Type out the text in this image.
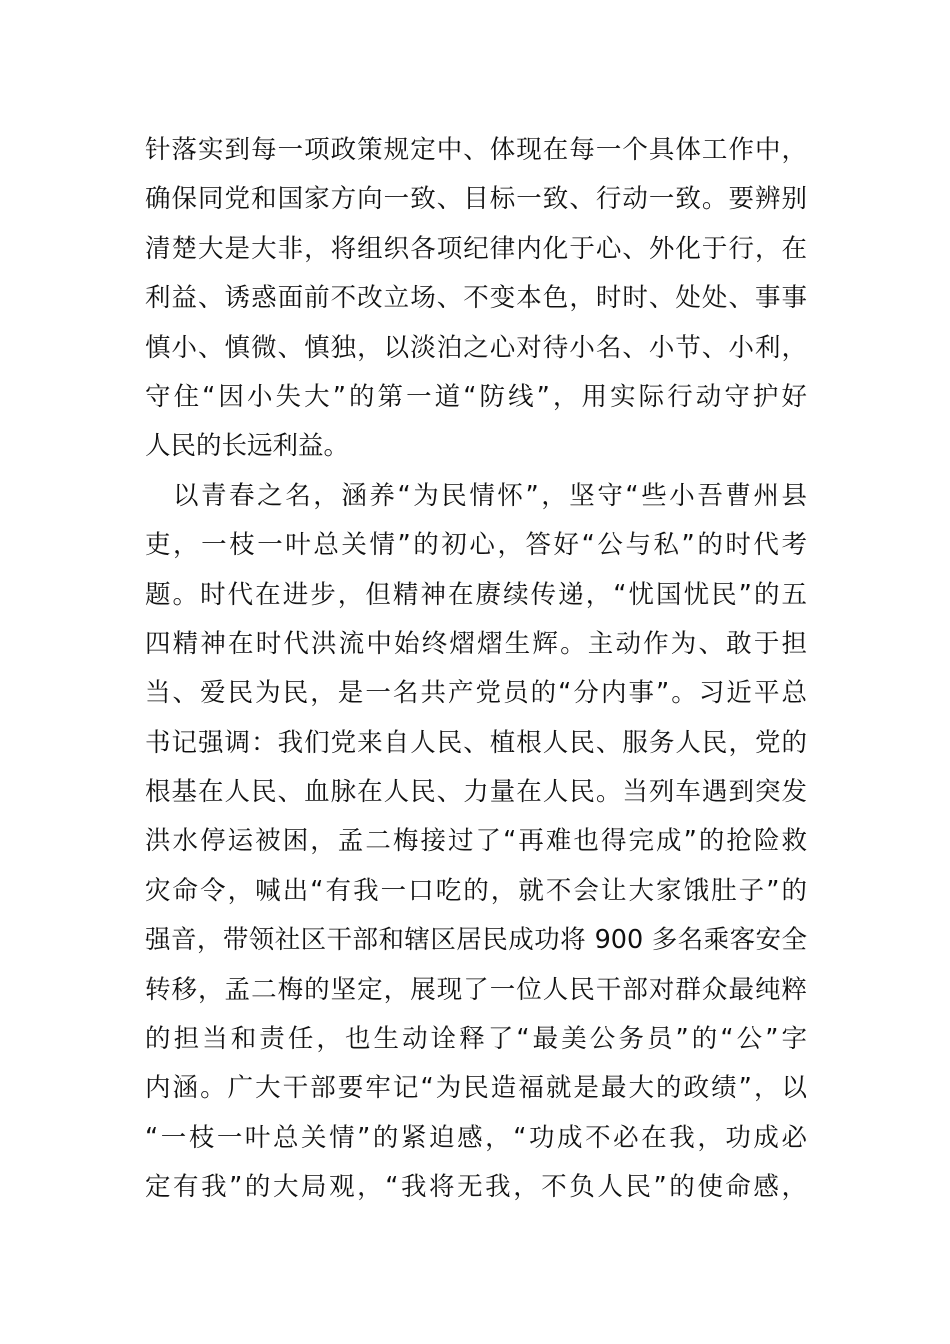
针落实到每一项政策规定中、体现在每一个具体工作中，
确保同党和国家方向一致、目标一致、行动一致。要辨别
清楚大是大非，将组织各项纪律内化于心、外化于行，在
利益、诱惑面前不改立场、不变本色，时时、处处、事事
慎小、慎微、慎独，以淡泊之心对待小名、小节、小利，
守住“因小失大”的第一道“防线”，用实际行动守护好
人民的长远利益。
以青春之名，涵养“为民情怀”，坚守“些小吾曹州县
吏，一枝一叶总关情”的初心，答好“公与私”的时代考
题。时代在进步，但精神在赓续传递，“忧国忧民”的五
四精神在时代洪流中始终熠熠生辉。主动作为、敢于担
当、爱民为民，是一名共产党员的“分内事”。习近平总
书记强调：我们党来自人民、植根人民、服务人民，党的
根基在人民、血脉在人民、力量在人民。当列车遇到突发
洪水停运被困，孟二梅接过了“再难也得完成”的抢险救
灾命令，喊出“有我一口吃的，就不会让大家饿肚子”的
强音，带领社区干部和辖区居民成功将 900 多名乘客安全
转移，孟二梅的坚定，展现了一位人民干部对群众最纯粹
的担当和责任，也生动诠释了“最美公务员”的“公”字
内涵。广大干部要牢记“为民造福就是最大的政绩”，以
“一枝一叶总关情”的紧迫感，“功成不必在我，功成必
定有我”的大局观，“我将无我，不负人民”的使命感，
